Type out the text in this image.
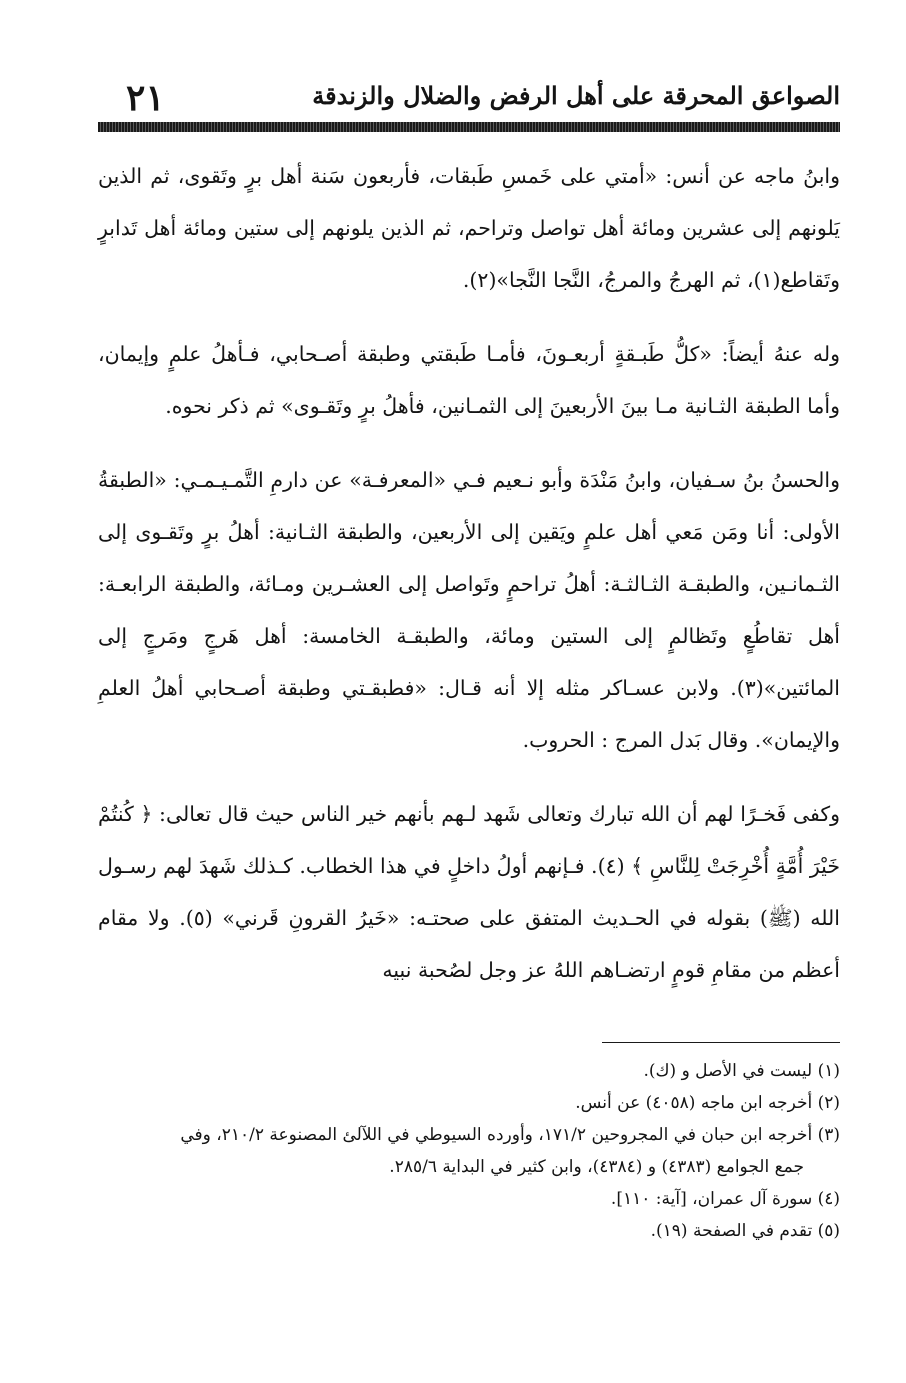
٢١	الصواعق المحرقة على أهل الرفض والضلال والزندقة

وابنُ ماجه عن أنس: «أمتي على خَمسِ طَبقات، فأربعون سَنة أهل برٍ وتَقوى، ثم الذين يَلونهم إلى عشرين ومائة أهل تواصل وتراحم، ثم الذين يلونهم إلى ستين ومائة أهل تَدابرٍ وتَقاطع(١)، ثم الهرجُ والمرجُ، النَّجا النَّجا»(٢).

وله عنهُ أيضاً: «كلُّ طَبـقةٍ أربعـونَ، فأمـا طَبقتي وطبقة أصـحابي، فـأهلُ علمٍ وإيمان، وأما الطبقة الثـانية مـا بينَ الأربعينَ إلى الثمـانين، فأهلُ برٍ وتَقـوى» ثم ذكر نحوه.

والحسنُ بنُ سـفيان، وابنُ مَنْدَة وأبو نـعيم فـي «المعرفـة» عن دارمِ التَّمـيـمـي: «الطبقةُ الأولى: أنا ومَن مَعي أهل علمٍ ويَقين إلى الأربعين، والطبقة الثـانية: أهلُ برٍ وتَقـوى إلى الثـمانـين، والطبقـة الثـالثـة: أهلُ تراحمٍ وتَواصل إلى العشـرين ومـائة، والطبقة الرابعـة: أهل تقاطُعٍ وتَظالمٍ إلى الستين ومائة، والطبقـة الخامسة: أهل هَرجٍ ومَرجٍ إلى المائتين»(٣). ولابن عسـاكر مثله إلا أنه قـال: «فطبقـتي وطبقة أصـحابي أهلُ العلمِ والإيمان». وقال بَدل المرج : الحروب.

وكفى فَخـرًا لهم أن الله تبارك وتعالى شَهد لـهم بأنهم خير الناس حيث قال تعالى: ﴿ كُنتُمْ خَيْرَ أُمَّةٍ أُخْرِجَتْ لِلنَّاسِ ﴾ (٤). فـإنهم أولُ داخلٍ في هذا الخطاب. كـذلك شَهدَ لهم رسـول الله (ﷺ) بقوله في الحـديث المتفق على صحتـه: «خَيرُ القرونِ قَرني» (٥). ولا مقام أعظم من مقامِ قومٍ ارتضـاهم اللهُ عز وجل لصُحبة نبيه

(١) ليست في الأصل و (ك).
(٢) أخرجه ابن ماجه (٤٠٥٨) عن أنس.
(٣) أخرجه ابن حبان في المجروحين ١٧١/٢، وأورده السيوطي في اللآلئ المصنوعة ٢١٠/٢، وفي
جمع الجوامع (٤٣٨٣) و (٤٣٨٤)، وابن كثير في البداية ٢٨٥/٦.
(٤) سورة آل عمران، [آية: ١١٠].
(٥) تقدم في الصفحة (١٩).
